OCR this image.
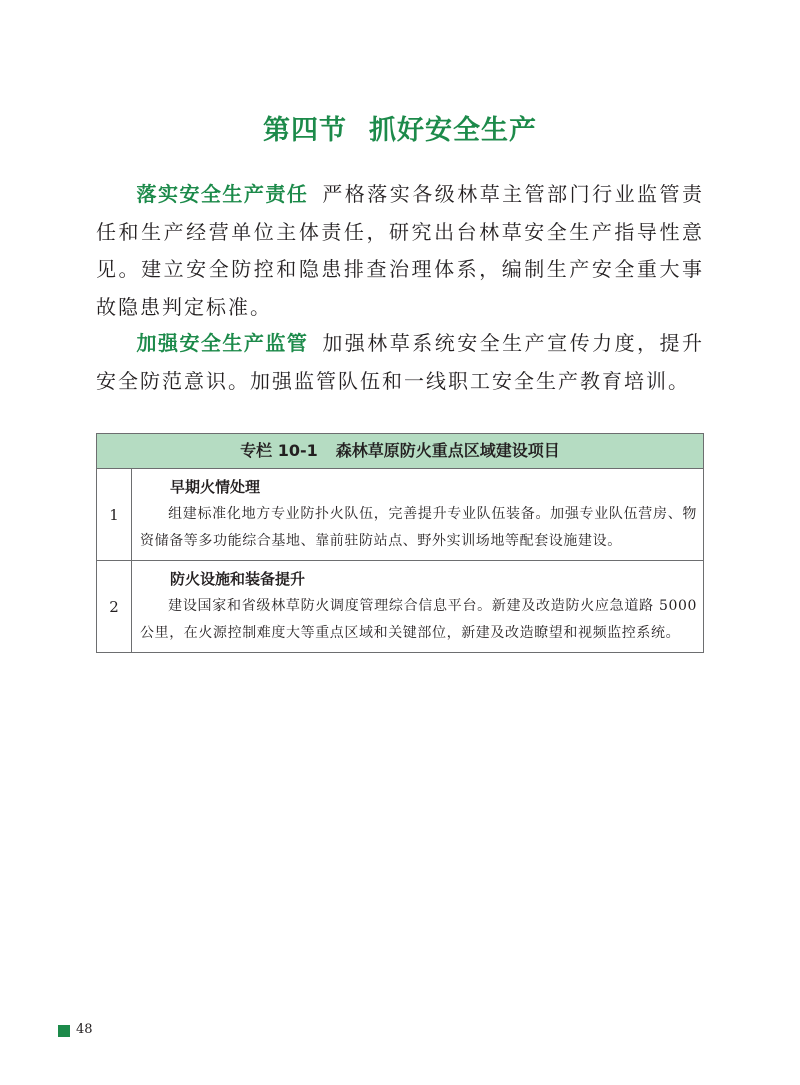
第四节 抓好安全生产
落实安全生产责任 严格落实各级林草主管部门行业监管责任和生产经营单位主体责任，研究出台林草安全生产指导性意见。建立安全防控和隐患排查治理体系，编制生产安全重大事故隐患判定标准。
加强安全生产监管 加强林草系统安全生产宣传力度，提升安全防范意识。加强监管队伍和一线职工安全生产教育培训。
专栏 10-1 森林草原防火重点区域建设项目
1
早期火情处理
组建标准化地方专业防扑火队伍，完善提升专业队伍装备。加强专业队伍营房、物资储备等多功能综合基地、靠前驻防站点、野外实训场地等配套设施建设。
2
防火设施和装备提升
建设国家和省级林草防火调度管理综合信息平台。新建及改造防火应急道路 5000 公里，在火源控制难度大等重点区域和关键部位，新建及改造瞭望和视频监控系统。
48
